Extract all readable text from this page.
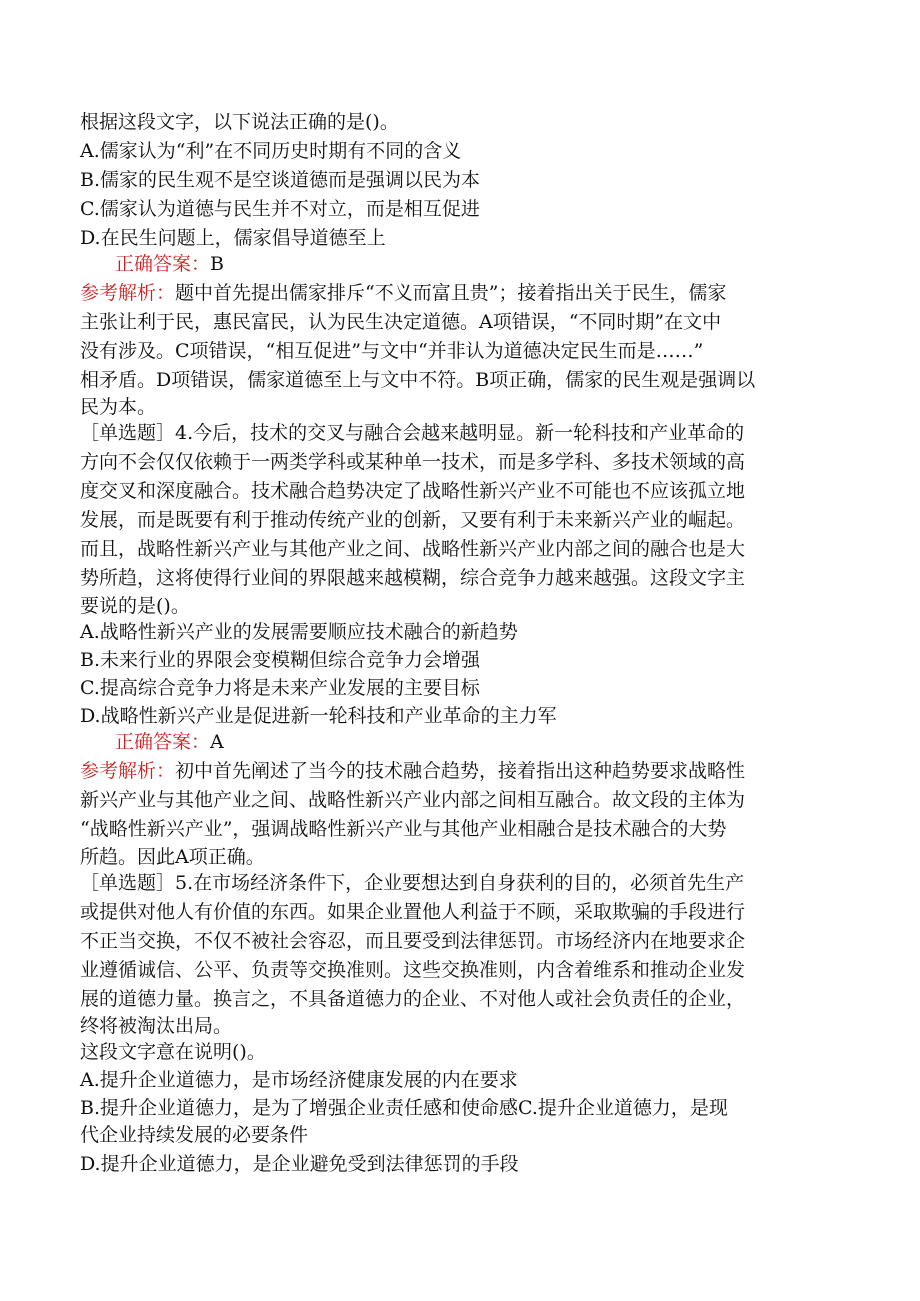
根据这段文字，以下说法正确的是()。
A.儒家认为“利”在不同历史时期有不同的含义
B.儒家的民生观不是空谈道德而是强调以民为本
C.儒家认为道德与民生并不对立，而是相互促进
D.在民生问题上，儒家倡导道德至上
正确答案：B
参考解析：题中首先提出儒家排斥“不义而富且贵”；接着指出关于民生，儒家
主张让利于民，惠民富民，认为民生决定道德。A项错误，“不同时期”在文中
没有涉及。C项错误，“相互促进”与文中“并非认为道德决定民生而是……”
相矛盾。D项错误，儒家道德至上与文中不符。B项正确，儒家的民生观是强调以
民为本。
［单选题］4.今后，技术的交叉与融合会越来越明显。新一轮科技和产业革命的
方向不会仅仅依赖于一两类学科或某种单一技术，而是多学科、多技术领域的高
度交叉和深度融合。技术融合趋势决定了战略性新兴产业不可能也不应该孤立地
发展，而是既要有利于推动传统产业的创新，又要有利于未来新兴产业的崛起。
而且，战略性新兴产业与其他产业之间、战略性新兴产业内部之间的融合也是大
势所趋，这将使得行业间的界限越来越模糊，综合竞争力越来越强。这段文字主
要说的是()。
A.战略性新兴产业的发展需要顺应技术融合的新趋势
B.未来行业的界限会变模糊但综合竞争力会增强
C.提高综合竞争力将是未来产业发展的主要目标
D.战略性新兴产业是促进新一轮科技和产业革命的主力军
正确答案：A
参考解析：初中首先阐述了当今的技术融合趋势，接着指出这种趋势要求战略性
新兴产业与其他产业之间、战略性新兴产业内部之间相互融合。故文段的主体为
“战略性新兴产业”，强调战略性新兴产业与其他产业相融合是技术融合的大势
所趋。因此A项正确。
［单选题］5.在市场经济条件下，企业要想达到自身获利的目的，必须首先生产
或提供对他人有价值的东西。如果企业置他人利益于不顾，采取欺骗的手段进行
不正当交换，不仅不被社会容忍，而且要受到法律惩罚。市场经济内在地要求企
业遵循诚信、公平、负责等交换准则。这些交换准则，内含着维系和推动企业发
展的道德力量。换言之，不具备道德力的企业、不对他人或社会负责任的企业，
终将被淘汰出局。
这段文字意在说明()。
A.提升企业道德力，是市场经济健康发展的内在要求
B.提升企业道德力，是为了增强企业责任感和使命感C.提升企业道德力，是现
代企业持续发展的必要条件
D.提升企业道德力，是企业避免受到法律惩罚的手段
